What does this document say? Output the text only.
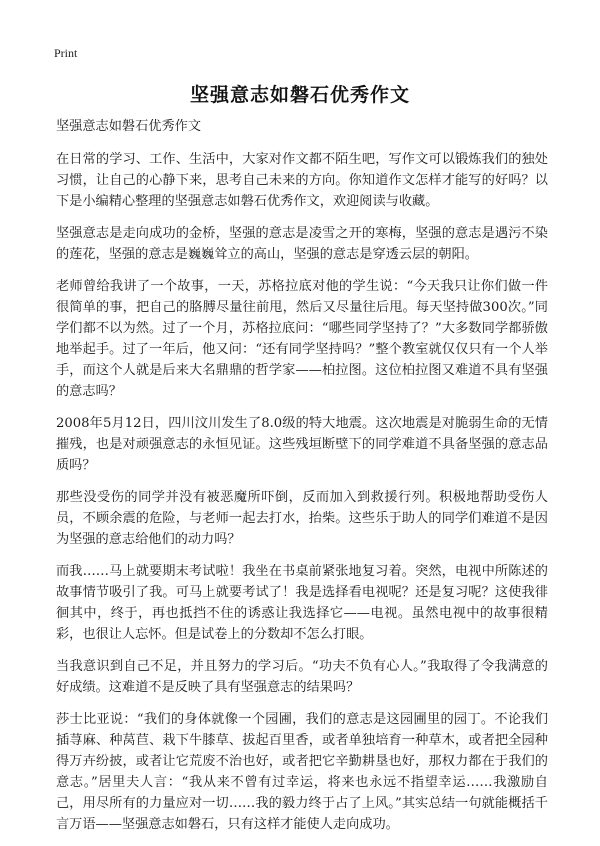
Print
坚强意志如磐石优秀作文

坚强意志如磐石优秀作文

在日常的学习、工作、生活中，大家对作文都不陌生吧，写作文可以锻炼我们的独处习惯，让自己的心静下来，思考自己未来的方向。你知道作文怎样才能写的好吗？以下是小编精心整理的坚强意志如磐石优秀作文，欢迎阅读与收藏。

坚强意志是走向成功的金桥，坚强的意志是凌雪之开的寒梅，坚强的意志是遇污不染的莲花，坚强的意志是巍巍耸立的高山，坚强的意志是穿透云层的朝阳。

老师曾给我讲了一个故事，一天，苏格拉底对他的学生说：“今天我只让你们做一件很简单的事，把自己的胳膊尽量往前甩，然后又尽量往后甩。每天坚持做300次。”同学们都不以为然。过了一个月，苏格拉底问：“哪些同学坚持了？”大多数同学都骄傲地举起手。过了一年后，他又问：“还有同学坚持吗？”整个教室就仅仅只有一个人举手，而这个人就是后来大名鼎鼎的哲学家——柏拉图。这位柏拉图又难道不具有坚强的意志吗？

2008年5月12日，四川汶川发生了8.0级的特大地震。这次地震是对脆弱生命的无情摧残，也是对顽强意志的永恒见证。这些残垣断壁下的同学难道不具备坚强的意志品质吗？

那些没受伤的同学并没有被恶魔所吓倒，反而加入到救援行列。积极地帮助受伤人员，不顾余震的危险，与老师一起去打水，抬柴。这些乐于助人的同学们难道不是因为坚强的意志给他们的动力吗？

而我……马上就要期末考试啦！我坐在书桌前紧张地复习着。突然，电视中所陈述的故事情节吸引了我。可马上就要考试了！我是选择看电视呢？还是复习呢？这使我徘徊其中，终于，再也抵挡不住的诱惑让我选择它——电视。虽然电视中的故事很精彩，也很让人忘怀。但是试卷上的分数却不怎么打眼。

当我意识到自己不足，并且努力的学习后。“功夫不负有心人。”我取得了令我满意的好成绩。这难道不是反映了具有坚强意志的结果吗？

莎士比亚说：“我们的身体就像一个园圃，我们的意志是这园圃里的园丁。不论我们插荨麻、种莴苣、栽下牛膝草、拔起百里香，或者单独培育一种草木，或者把全园种得万卉纷披，或者让它荒废不治也好，或者把它辛勤耕垦也好，那权力都在于我们的意志。”居里夫人言：“我从来不曾有过幸运，将来也永远不指望幸运……我激励自己，用尽所有的力量应对一切……我的毅力终于占了上风。”其实总结一句就能概括千言万语——坚强意志如磐石，只有这样才能使人走向成功。
